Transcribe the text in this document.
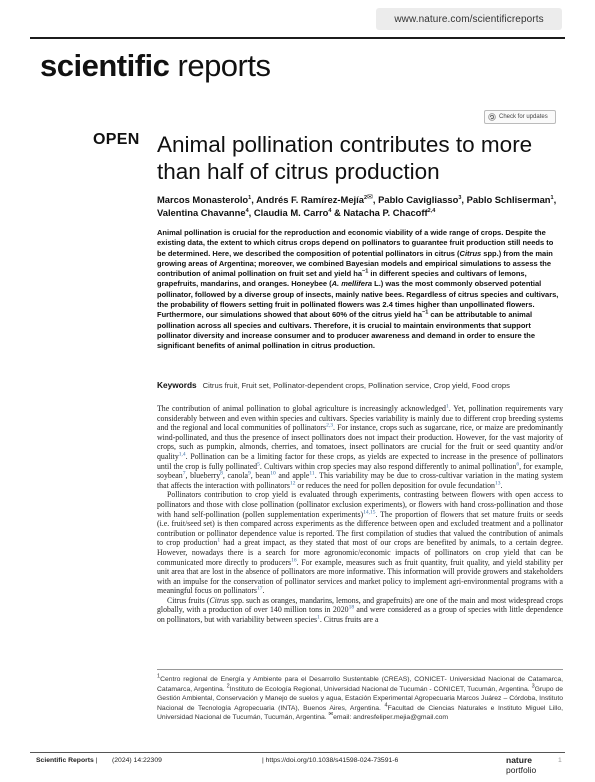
www.nature.com/scientificreports
scientific reports
Check for updates
OPEN Animal pollination contributes to more than half of citrus production
Marcos Monasterolo$^1$, Andrés F. Ramírez-Mejía$^{2✉}$, Pablo Cavigliasso$^3$, Pablo Schliserman$^1$, Valentina Chavanne$^4$, Claudia M. Carro$^4$ & Natacha P. Chacoff$^{2,4}$
Animal pollination is crucial for the reproduction and economic viability of a wide range of crops. Despite the existing data, the extent to which citrus crops depend on pollinators to guarantee fruit production still needs to be determined. Here, we described the composition of potential pollinators in citrus (Citrus spp.) from the main growing areas of Argentina; moreover, we combined Bayesian models and empirical simulations to assess the contribution of animal pollination on fruit set and yield $ha^{-1}$ in different species and cultivars of lemons, grapefruits, mandarins, and oranges. Honeybee (A. mellifera L.) was the most commonly observed potential pollinator, followed by a diverse group of insects, mainly native bees. Regardless of citrus species and cultivars, the probability of flowers setting fruit in pollinated flowers was 2.4 times higher than unpollinated flowers. Furthermore, our simulations showed that about 60% of the citrus yield $ha^{-1}$ can be attributable to animal pollination across all species and cultivars. Therefore, it is crucial to maintain environments that support pollinator diversity and increase consumer and to producer awareness and demand in order to ensure the significant benefits of animal pollination in citrus production.
Keywords Citrus fruit, Fruit set, Pollinator-dependent crops, Pollination service, Crop yield, Food crops

The contribution of animal pollination to global agriculture is increasingly acknowledged$^1$. Yet, pollination requirements vary considerably between and even within species and cultivars. Species variability is mainly due to different crop breeding systems and the regional and local communities of pollinators$^{2,3}$. For instance, crops such as sugarcane, rice, or maize are predominantly wind-pollinated, and thus the presence of insect pollinators does not impact their production. However, for the vast majority of crops, such as pumpkin, almonds, cherries, and tomatoes, insect pollinators are crucial for the fruit or seed quantity and/or quality$^{1,4}$. Pollination can be a limiting factor for these crops, as yields are expected to increase in the presence of pollinators until the crop is fully pollinated$^5$. Cultivars within crop species may also respond differently to animal pollination$^6$, for example, soybean$^7$, blueberry$^8$, canola$^9$, bean$^{10}$ and apple$^{11}$. This variability may be due to cross-cultivar variation in the mating system that affects the interaction with pollinators$^{12}$ or reduces the need for pollen deposition for ovule fecundation$^{13}$.

Pollinators contribution to crop yield is evaluated through experiments, contrasting between flowers with open access to pollinators and those with close pollination (pollinator exclusion experiments), or flowers with hand cross-pollination and those with hand self-pollination (pollen supplementation experiments)$^{14,15}$. The proportion of flowers that set mature fruits or seeds (i.e. fruit/seed set) is then compared across experiments as the difference between open and excluded treatment and a pollinator contribution or pollinator dependence value is reported. The first compilation of studies that valued the contribution of animals to crop production$^1$ had a great impact, as they stated that most of our crops are benefited by animals, to a certain degree. However, nowadays there is a search for more agronomic/economic impacts of pollinators on crop yield that can be communicated more directly to producers$^{16}$. For example, measures such as fruit quantity, fruit quality, and yield stability per unit area that are lost in the absence of pollinators are more informative. This information will provide growers and stakeholders with an impulse for the conservation of pollinator services and market policy to implement agri-environmental programs with a meaningful focus on pollinators$^{17}$.

Citrus fruits (Citrus spp. such as oranges, mandarins, lemons, and grapefruits) are one of the main and most widespread crops globally, with a production of over 140 million tons in 2020$^{18}$ and were considered as a group of species with little dependence on pollinators, but with variability between species$^1$. Citrus fruits are a

$^1$Centro regional de Energía y Ambiente para el Desarrollo Sustentable (CREAS), CONICET- Universidad Nacional de Catamarca, Catamarca, Argentina. $^2$Instituto de Ecología Regional, Universidad Nacional de Tucumán - CONICET, Tucumán, Argentina. $^3$Grupo de Gestión Ambiental, Conservación y Manejo de suelos y agua, Estación Experimental Agropecuaria Marcos Juárez – Córdoba, Instituto Nacional de Tecnología Agropecuaria (INTA), Buenos Aires, Argentina. $^4$Facultad de Ciencias Naturales e Instituto Miguel Lillo, Universidad Nacional de Tucumán, Tucumán, Argentina. ✉email: andresfeliper.mejia@gmail.com
Scientific Reports | (2024) 14:22309	| https://doi.org/10.1038/s41598-024-73591-6	nature portfolio
1
